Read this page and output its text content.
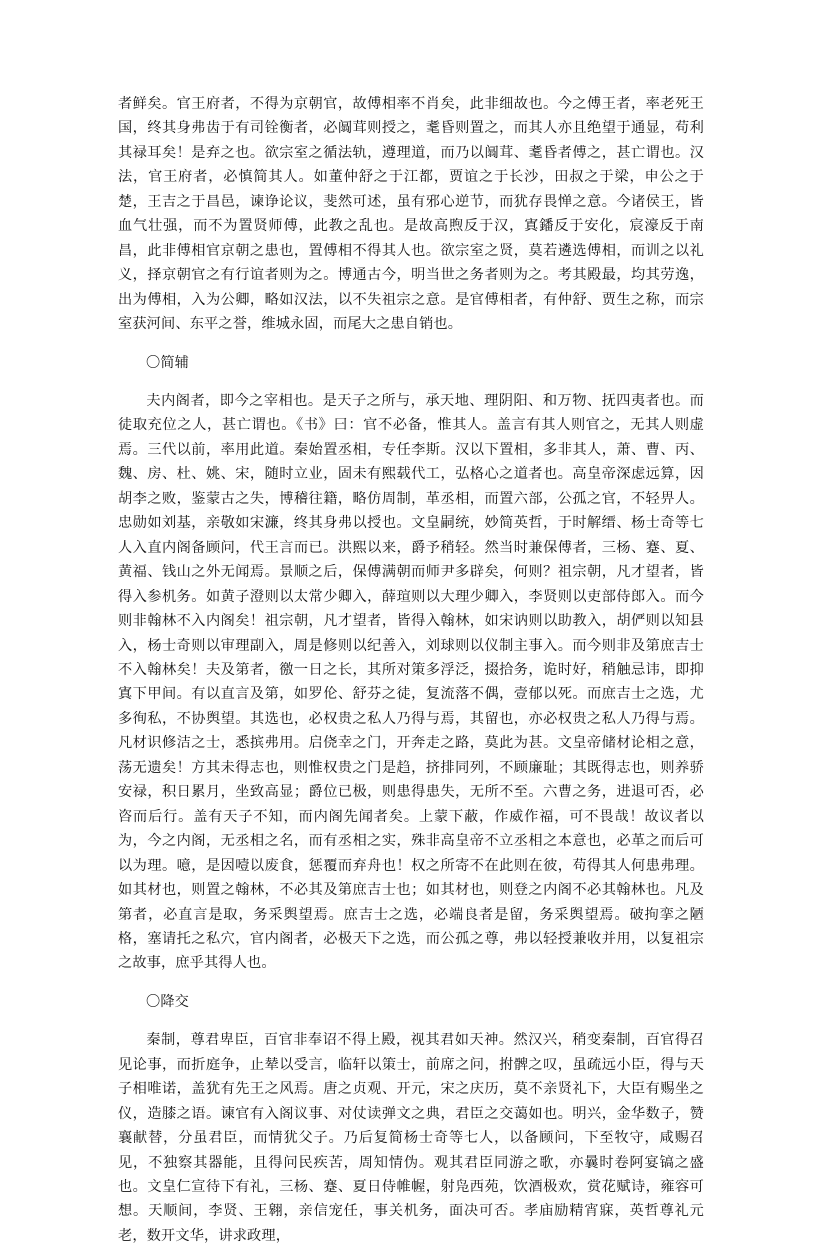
者鲜矣。官王府者，不得为京朝官，故傅相率不肖矣，此非细故也。今之傅王者，率老死王国，终其身弗齿于有司铨衡者，必阘茸则授之，耄昏则置之，而其人亦且绝望于通显，苟利其禄耳矣！是弃之也。欲宗室之循法轨，遵理道，而乃以阘茸、耄昏者傅之，甚亡谓也。汉法，官王府者，必慎简其人。如董仲舒之于江都，贾谊之于长沙，田叔之于梁，申公之于楚，王吉之于昌邑，谏诤论议，斐然可述，虽有邪心逆节，而犹存畏惮之意。今诸侯王，皆血气壮强，而不为置贤师傅，此教之乱也。是故高煦反于汉，寘鐇反于安化，宸濠反于南昌，此非傅相官京朝之患也，置傅相不得其人也。欲宗室之贤，莫若遴选傅相，而训之以礼义，择京朝官之有行谊者则为之。博通古今，明当世之务者则为之。考其殿最，均其劳逸，出为傅相，入为公卿，略如汉法，以不失祖宗之意。是官傅相者，有仲舒、贾生之称，而宗室获河间、东平之誉，维城永固，而尾大之患自销也。

〇简辅

夫内阁者，即今之宰相也。是天子之所与，承天地、理阴阳、和万物、抚四夷者也。而徒取充位之人，甚亡谓也。《书》曰：官不必备，惟其人。盖言有其人则官之，无其人则虚焉。三代以前，率用此道。秦始置丞相，专任李斯。汉以下置相，多非其人，萧、曹、丙、魏、房、杜、姚、宋，随时立业，固未有熙载代工，弘格心之道者也。高皇帝深虑远算，因胡李之败，鉴蒙古之失，博稽往籍，略仿周制，革丞相，而置六部，公孤之官，不轻畀人。忠勋如刘基，亲敬如宋濂，终其身弗以授也。文皇嗣统，妙简英哲，于时解缙、杨士奇等七人入直内阁备顾问，代王言而已。洪熙以来，爵予稍轻。然当时兼保傅者，三杨、蹇、夏、黄福、钱山之外无闻焉。景顺之后，保傅满朝而师尹多辟矣，何则？祖宗朝，凡才望者，皆得入参机务。如黄子澄则以太常少卿入，薛瑄则以大理少卿入，李贤则以吏部侍郎入。而今则非翰林不入内阁矣！祖宗朝，凡才望者，皆得入翰林，如宋讷则以助教入，胡俨则以知县入，杨士奇则以审理副入，周是修则以纪善入，刘球则以仪制主事入。而今则非及第庶吉士不入翰林矣！夫及第者，徼一日之长，其所对策多浮泛，掇拾务，诡时好，稍触忌讳，即抑寘下甲间。有以直言及第，如罗伦、舒芬之徒，复流落不偶，壹郁以死。而庶吉士之选，尤多徇私，不协舆望。其选也，必权贵之私人乃得与焉，其留也，亦必权贵之私人乃得与焉。凡材识修洁之士，悉摈弗用。启侥幸之门，开奔走之路，莫此为甚。文皇帝储材论相之意，荡无遗矣！方其未得志也，则惟权贵之门是趋，挤排同列，不顾廉耻；其既得志也，则养骄安禄，积日累月，坐致高显；爵位已极，则患得患失，无所不至。六曹之务，进退可否，必咨而后行。盖有天子不知，而内阁先闻者矣。上蒙下蔽，作威作福，可不畏哉！故议者以为，今之内阁，无丞相之名，而有丞相之实，殊非高皇帝不立丞相之本意也，必革之而后可以为理。噫，是因噎以废食，惩覆而弃舟也！权之所寄不在此则在彼，苟得其人何患弗理。如其材也，则置之翰林，不必其及第庶吉士也；如其材也，则登之内阁不必其翰林也。凡及第者，必直言是取，务采舆望焉。庶吉士之选，必端良者是留，务采舆望焉。破拘挛之陋格，塞请托之私穴，官内阁者，必极天下之选，而公孤之尊，弗以轻授兼收并用，以复祖宗之故事，庶乎其得人也。

〇降交

秦制，尊君卑臣，百官非奉诏不得上殿，视其君如天神。然汉兴，稍变秦制，百官得召见论事，而折庭争，止辇以受言，临轩以策士，前席之问，拊髀之叹，虽疏远小臣，得与天子相唯诺，盖犹有先王之风焉。唐之贞观、开元，宋之庆历，莫不亲贤礼下，大臣有赐坐之仪，造膝之语。谏官有入阁议事、对仗读弹文之典，君臣之交蔼如也。明兴，金华数子，赞襄献替，分虽君臣，而情犹父子。乃后复简杨士奇等七人，以备顾问，下至牧守，咸赐召见，不独察其器能，且得问民疾苦，周知情伪。观其君臣同游之歌，亦曩时卷阿宴镐之盛也。文皇仁宣待下有礼，三杨、蹇、夏日侍帷幄，射凫西苑，饮酒极欢，赏花赋诗，雍容可想。天顺间，李贤、王翱，亲信宠任，事关机务，面决可否。孝庙励精宵寐，英哲尊礼元老，数开文华，讲求政理，
